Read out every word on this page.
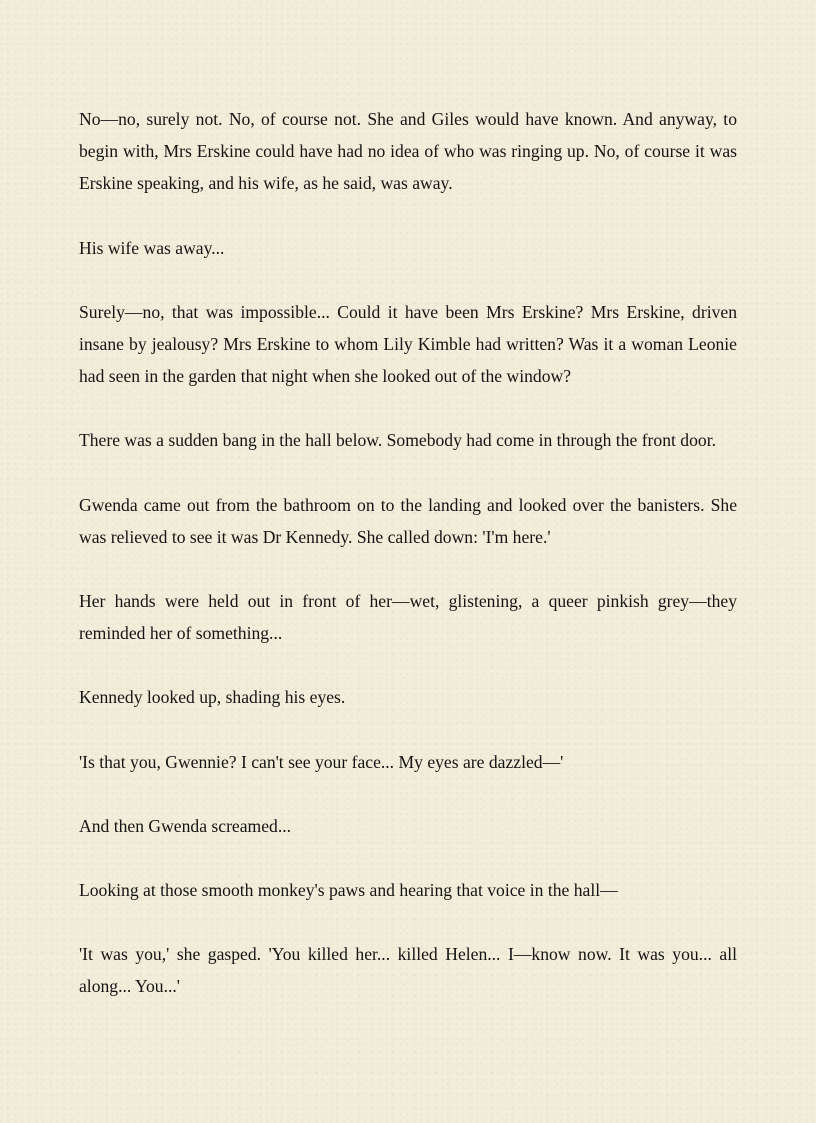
No—no, surely not. No, of course not. She and Giles would have known. And anyway, to begin with, Mrs Erskine could have had no idea of who was ringing up. No, of course it was Erskine speaking, and his wife, as he said, was away.

His wife was away...

Surely—no, that was impossible... Could it have been Mrs Erskine? Mrs Erskine, driven insane by jealousy? Mrs Erskine to whom Lily Kimble had written? Was it a woman Leonie had seen in the garden that night when she looked out of the window?

There was a sudden bang in the hall below. Somebody had come in through the front door.

Gwenda came out from the bathroom on to the landing and looked over the banisters. She was relieved to see it was Dr Kennedy. She called down: 'I'm here.'

Her hands were held out in front of her—wet, glistening, a queer pinkish grey—they reminded her of something...

Kennedy looked up, shading his eyes.

'Is that you, Gwennie? I can't see your face... My eyes are dazzled—'

And then Gwenda screamed...

Looking at those smooth monkey's paws and hearing that voice in the hall—

'It was you,' she gasped. 'You killed her... killed Helen... I—know now. It was you... all along... You...'
